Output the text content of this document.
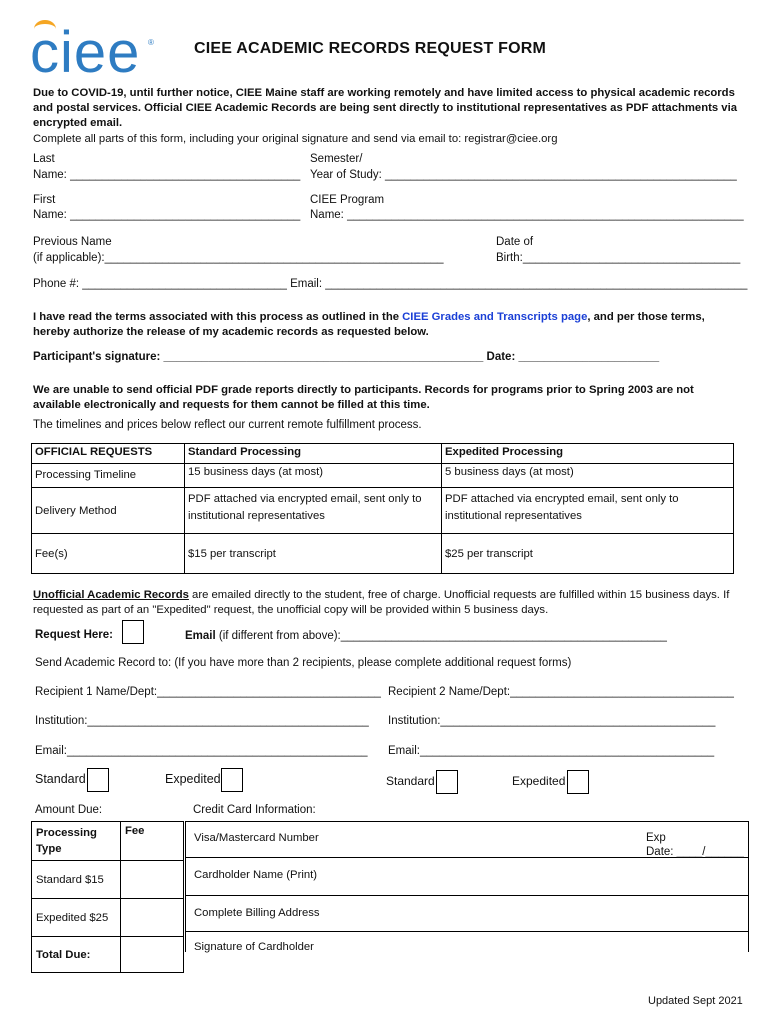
ciee ®	CIEE ACADEMIC RECORDS REQUEST FORM
Due to COVID-19, until further notice, CIEE Maine staff are working remotely and have limited access to physical academic records and postal services. Official CIEE Academic Records are being sent directly to institutional representatives as PDF attachments via encrypted email.
Complete all parts of this form, including your original signature and send via email to: registrar@ciee.org
Last
Name: ____________________________________
Semester/
Year of Study: _______________________________________________________
First
Name: ____________________________________
CIEE Program
Name: ______________________________________________________________
Previous Name
(if applicable):_____________________________________________________
Date of
Birth:__________________________________
Phone #: ________________________________ Email: __________________________________________________________________
I have read the terms associated with this process as outlined in the CIEE Grades and Transcripts page, and per those terms, hereby authorize the release of my academic records as requested below.
Participant's signature: __________________________________________________ Date: ______________________
We are unable to send official PDF grade reports directly to participants. Records for programs prior to Spring 2003 are not available electronically and requests for them cannot be filled at this time.
The timelines and prices below reflect our current remote fulfillment process.
OFFICIAL REQUESTS	Standard Processing	Expedited Processing
Processing Timeline	15 business days (at most)	5 business days (at most)
Delivery Method	PDF attached via encrypted email, sent only to institutional representatives	PDF attached via encrypted email, sent only to institutional representatives
Fee(s)	$15 per transcript	$25 per transcript
Unofficial Academic Records are emailed directly to the student, free of charge. Unofficial requests are fulfilled within 15 business days. If requested as part of an "Expedited" request, the unofficial copy will be provided within 5 business days.
Request Here:	Email (if different from above):___________________________________________________
Send Academic Record to: (If you have more than 2 recipients, please complete additional request forms)
Recipient 1 Name/Dept:___________________________________ Recipient 2 Name/Dept:___________________________________
Institution:____________________________________________ Institution:___________________________________________
Email:_______________________________________________ Email:______________________________________________
Standard	Expedited	Standard	Expedited
Amount Due:	Credit Card Information:
Processing Type	Fee
Standard $15	
Expedited $25	
Total Due:	
Visa/Mastercard Number	Exp
Date: ____/______
Cardholder Name (Print)
Complete Billing Address
Signature of Cardholder
Updated Sept 2021
